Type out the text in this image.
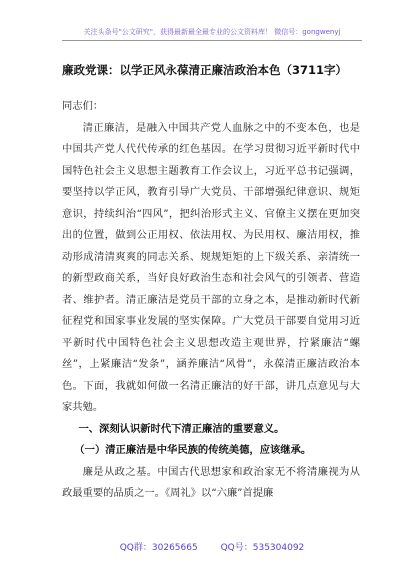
关注头条号"公文研究"，获得最新最全最专业的公文资料库！ 微信号：gongwenyj
廉政党课：以学正风永葆清正廉洁政治本色（3711字）

同志们：

清正廉洁，是融入中国共产党人血脉之中的不变本色，也是中国共产党人代代传承的红色基因。在学习贯彻习近平新时代中国特色社会主义思想主题教育工作会议上，习近平总书记强调，要坚持以学正风，教育引导广大党员、干部增强纪律意识、规矩意识，持续纠治“四风”，把纠治形式主义、官僚主义摆在更加突出的位置，做到公正用权、依法用权、为民用权、廉洁用权，推动形成清清爽爽的同志关系、规规矩矩的上下级关系、亲清统一的新型政商关系，当好良好政治生态和社会风气的引领者、营造者、维护者。清正廉洁是党员干部的立身之本，是推动新时代新征程党和国家事业发展的坚实保障。广大党员干部要自觉用习近平新时代中国特色社会主义思想改造主观世界，拧紧廉洁“螺丝”，上紧廉洁“发条”，涵养廉洁“风骨”，永葆清正廉洁政治本色。下面，我就如何做一名清正廉洁的好干部，讲几点意见与大家共勉。

一、深刻认识新时代下清正廉洁的重要意义。

（一）清正廉洁是中华民族的传统美德，应该继承。

廉是从政之基。中国古代思想家和政治家无不将清廉视为从政最重要的品质之一。《周礼》以“六廉”首提廉

QQ群：30265665	QQ号：535304092
